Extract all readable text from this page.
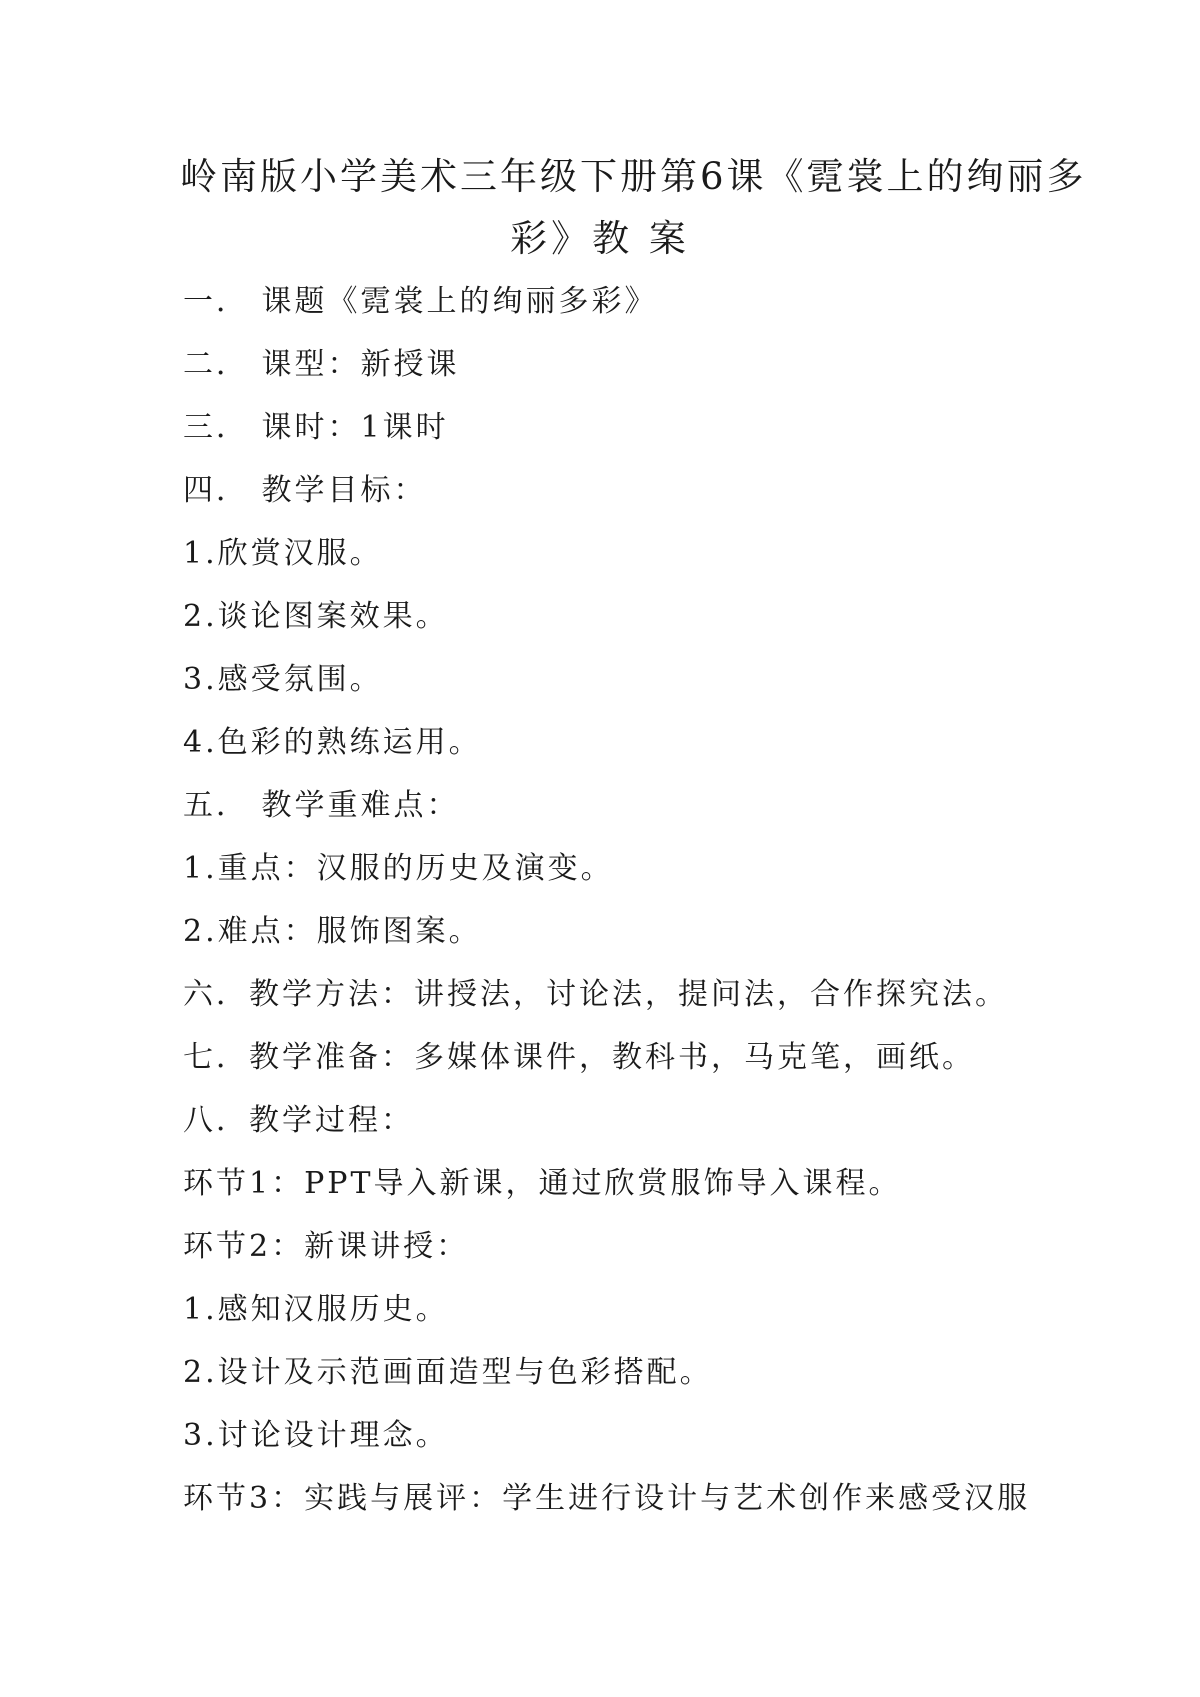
岭南版小学美术三年级下册第6课《霓裳上的绚丽多
彩》教 案
一． 课题《霓裳上的绚丽多彩》
二． 课型：新授课
三． 课时：1课时
四． 教学目标：
1.欣赏汉服。
2.谈论图案效果。
3.感受氛围。
4.色彩的熟练运用。
五． 教学重难点：
1.重点：汉服的历史及演变。
2.难点：服饰图案。
六．教学方法：讲授法，讨论法，提问法，合作探究法。
七．教学准备：多媒体课件，教科书，马克笔，画纸。
八．教学过程：
环节1：PPT导入新课，通过欣赏服饰导入课程。
环节2：新课讲授：
1.感知汉服历史。
2.设计及示范画面造型与色彩搭配。
3.讨论设计理念。
环节3：实践与展评：学生进行设计与艺术创作来感受汉服
